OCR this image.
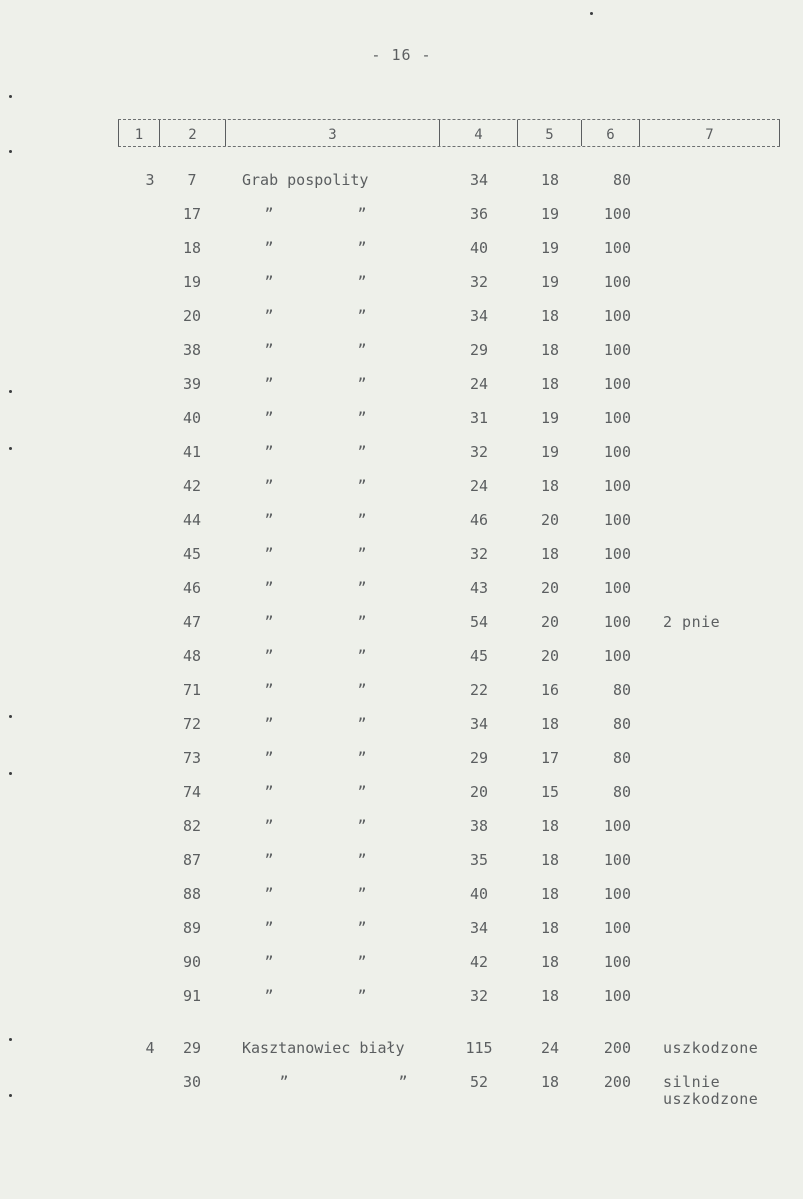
- 16 -
1	2	3	4	5	6	7
3	7	Grab pospolity	34	18	80
17	”	”	36	19	100
18	”	”	40	19	100
19	”	”	32	19	100
20	”	”	34	18	100
38	”	”	29	18	100
39	”	”	24	18	100
40	”	”	31	19	100
41	”	”	32	19	100
42	”	”	24	18	100
44	”	”	46	20	100
45	”	”	32	18	100
46	”	”	43	20	100
47	”	”	54	20	100 2 pnie
48	”	”	45	20	100
71	”	”	22	16	80
72	”	”	34	18	80
73	”	”	29	17	80
74	”	”	20	15	80
82	”	”	38	18	100
87	”	”	35	18	100
88	”	”	40	18	100
89	”	”	34	18	100
90	”	”	42	18	100
91	”	”	32	18	100
4	29	Kasztanowiec biały	115	24	200 uszkodzone
30	”	”	52	18	200 silnie
uszkodzone
